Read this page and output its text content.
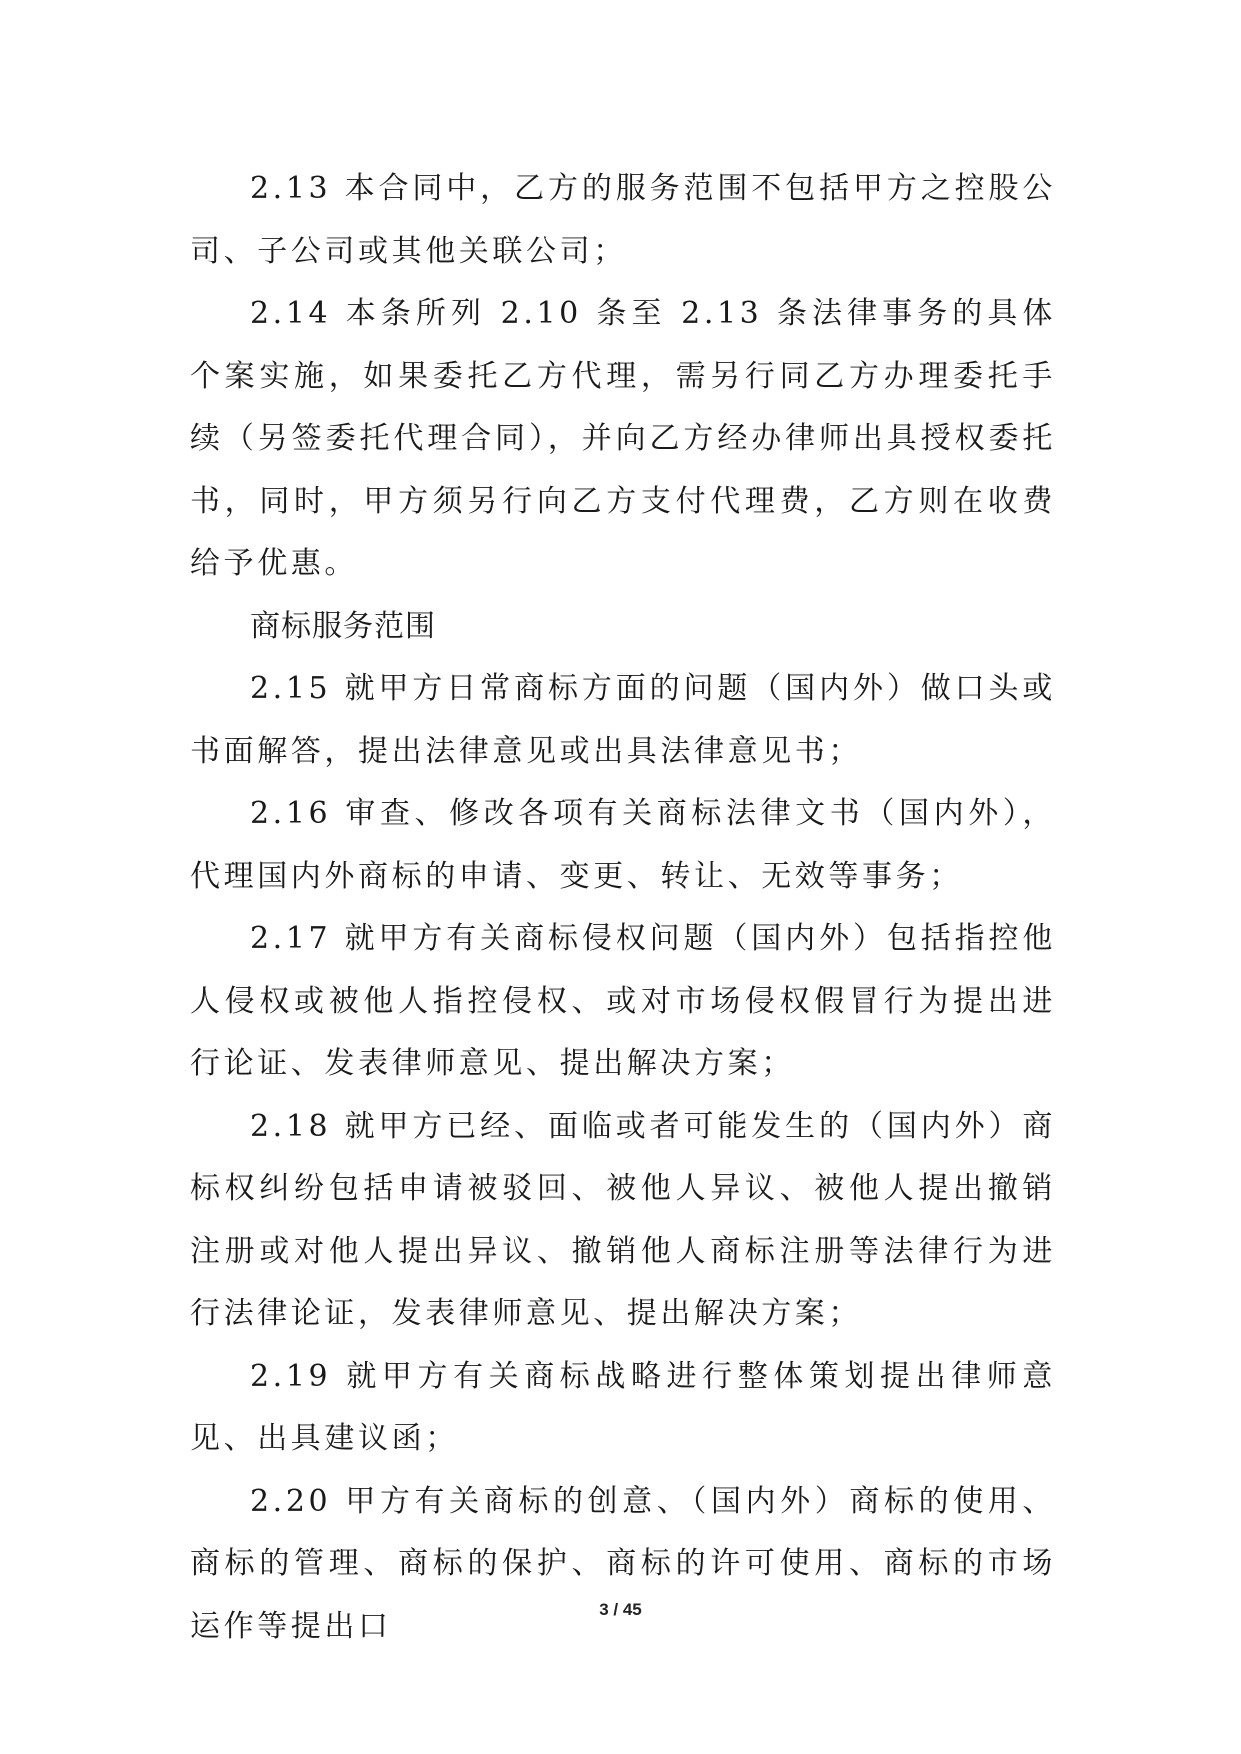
2.13 本合同中，乙方的服务范围不包括甲方之控股公司、子公司或其他关联公司；

2.14 本条所列 2.10 条至 2.13 条法律事务的具体个案实施，如果委托乙方代理，需另行同乙方办理委托手续（另签委托代理合同），并向乙方经办律师出具授权委托书，同时，甲方须另行向乙方支付代理费，乙方则在收费给予优惠。

商标服务范围

2.15 就甲方日常商标方面的问题（国内外）做口头或书面解答，提出法律意见或出具法律意见书；

2.16 审查、修改各项有关商标法律文书（国内外），代理国内外商标的申请、变更、转让、无效等事务；

2.17 就甲方有关商标侵权问题（国内外）包括指控他人侵权或被他人指控侵权、或对市场侵权假冒行为提出进行论证、发表律师意见、提出解决方案；

2.18 就甲方已经、面临或者可能发生的（国内外）商标权纠纷包括申请被驳回、被他人异议、被他人提出撤销注册或对他人提出异议、撤销他人商标注册等法律行为进行法律论证，发表律师意见、提出解决方案；

2.19 就甲方有关商标战略进行整体策划提出律师意见、出具建议函；

2.20 甲方有关商标的创意、（国内外）商标的使用、商标的管理、商标的保护、商标的许可使用、商标的市场运作等提出口	3 / 45
